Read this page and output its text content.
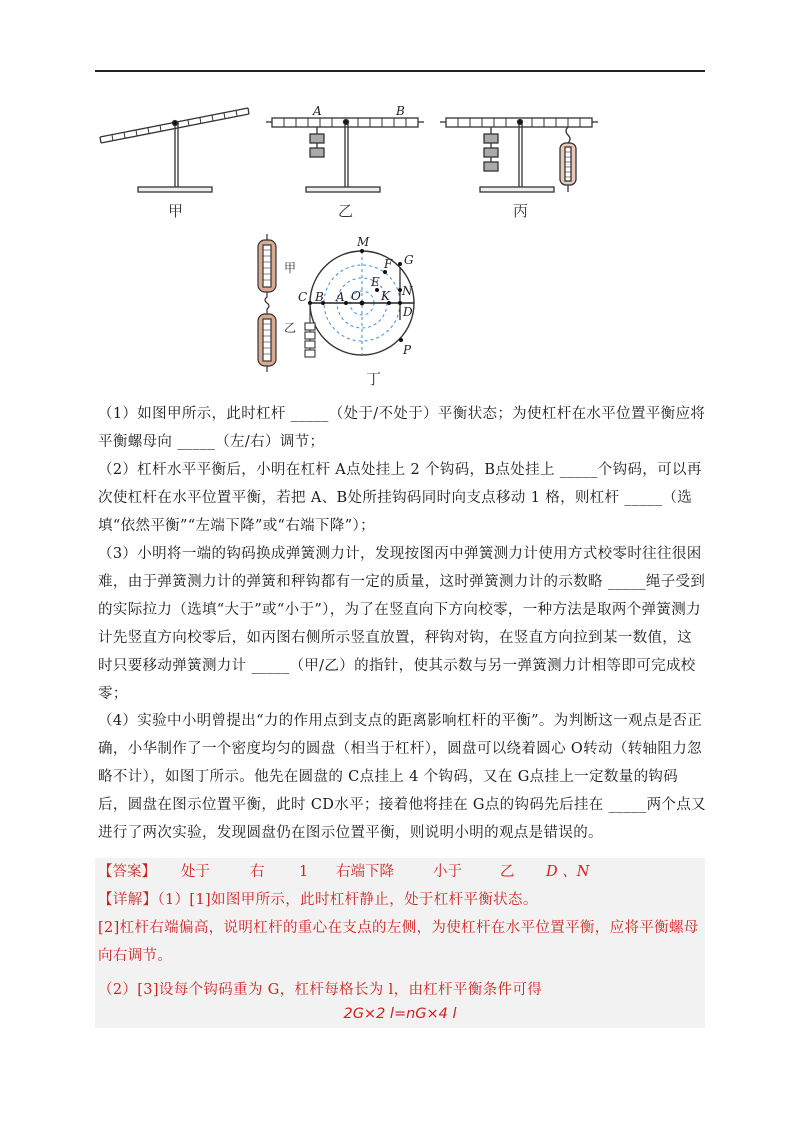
甲
A	B
乙	丙
甲
乙
M
G
F
E
N
C B A O K
D
P
丁
（1）如图甲所示，此时杠杆 _____（处于/不处于）平衡状态；为使杠杆在水平位置平衡应将平衡螺母向 _____（左/右）调节；
（2）杠杆水平平衡后，小明在杠杆 A点处挂上 2 个钩码，B点处挂上 _____个钩码，可以再次使杠杆在水平位置平衡，若把 A、B处所挂钩码同时向支点移动 1 格，则杠杆 _____（选填“依然平衡”“左端下降”或“右端下降”）；
（3）小明将一端的钩码换成弹簧测力计，发现按图丙中弹簧测力计使用方式校零时往往很困难，由于弹簧测力计的弹簧和秤钩都有一定的质量，这时弹簧测力计的示数略 _____绳子受到的实际拉力（选填“大于”或“小于”），为了在竖直向下方向校零，一种方法是取两个弹簧测力计先竖直方向校零后，如丙图右侧所示竖直放置，秤钩对钩，在竖直方向拉到某一数值，这时只要移动弹簧测力计 _____（甲/乙）的指针，使其示数与另一弹簧测力计相等即可完成校零；
（4）实验中小明曾提出“力的作用点到支点的距离影响杠杆的平衡”。为判断这一观点是否正确，小华制作了一个密度均匀的圆盘（相当于杠杆），圆盘可以绕着圆心 O转动（转轴阻力忽略不计），如图丁所示。他先在圆盘的 C点挂上 4 个钩码，又在 G点挂上一定数量的钩码后，圆盘在图示位置平衡，此时 CD水平；接着他将挂在 G点的钩码先后挂在 _____两个点又进行了两次实验，发现圆盘仍在图示位置平衡，则说明小明的观点是错误的。
【答案】 处于	右 1 右端下降	小于	乙 D 、N
【详解】（1）[1]如图甲所示，此时杠杆静止，处于杠杆平衡状态。
[2]杠杆右端偏高，说明杠杆的重心在支点的左侧，为使杠杆在水平位置平衡，应将平衡螺母向右调节。
（2）[3]设每个钩码重为 G，杠杆每格长为 l，由杠杆平衡条件可得
2G×2 l=nG×4 l
